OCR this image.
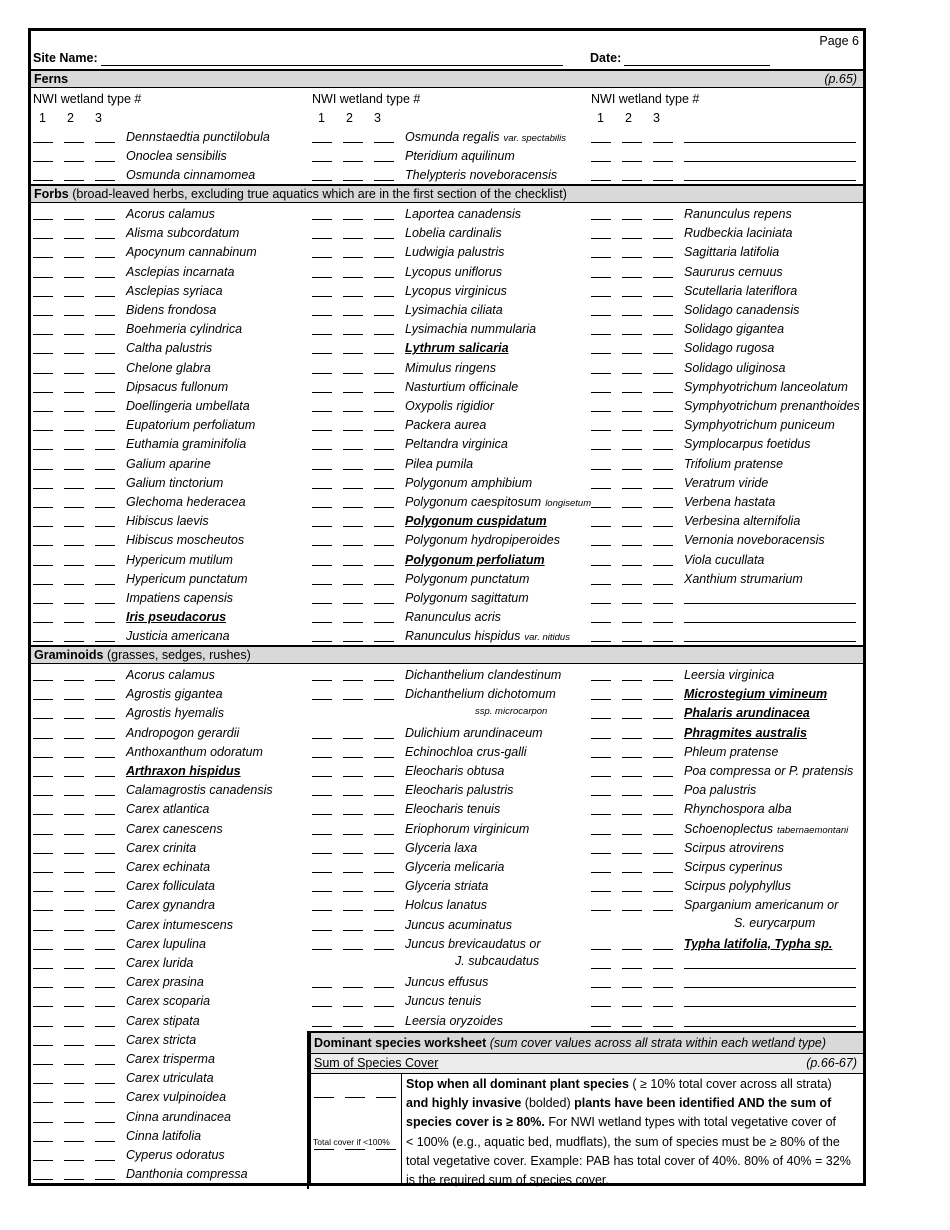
Page 6
Site Name:	Date:
Ferns	(p.65)
NWI wetland type #
1 2 3
NWI wetland type #
1 2 3
NWI wetland type #
1 2 3
Dennstaedtia punctilobula
Onoclea sensibilis
Osmunda cinnamomea
Osmunda regalis var. spectabilis
Pteridium aquilinum
Thelypteris noveboracensis
Acorus calamus
Alisma subcordatum
Apocynum cannabinum
Asclepias incarnata
Asclepias syriaca
Bidens frondosa
Boehmeria cylindrica
Caltha palustris
Chelone glabra
Dipsacus fullonum
Doellingeria umbellata
Eupatorium perfoliatum
Euthamia graminifolia
Galium aparine
Galium tinctorium
Glechoma hederacea
Hibiscus laevis
Hibiscus moscheutos
Hypericum mutilum
Hypericum punctatum
Impatiens capensis
Iris pseudacorus
Justicia americana
Laportea canadensis
Lobelia cardinalis
Ludwigia palustris
Lycopus uniflorus
Lycopus virginicus
Lysimachia ciliata
Lysimachia nummularia
Lythrum salicaria
Mimulus ringens
Nasturtium officinale
Oxypolis rigidior
Packera aurea
Peltandra virginica
Pilea pumila
Polygonum amphibium
Polygonum caespitosum longisetum
Polygonum cuspidatum
Polygonum hydropiperoides
Polygonum perfoliatum
Polygonum punctatum
Polygonum sagittatum
Ranunculus acris
Ranunculus hispidus var. nitidus
Ranunculus repens
Rudbeckia laciniata
Sagittaria latifolia
Saururus cernuus
Scutellaria lateriflora
Solidago canadensis
Solidago gigantea
Solidago rugosa
Solidago uliginosa
Symphyotrichum lanceolatum
Symphyotrichum prenanthoides
Symphyotrichum puniceum
Symplocarpus foetidus
Trifolium pratense
Veratrum viride
Verbena hastata
Verbesina alternifolia
Vernonia noveboracensis
Viola cucullata
Xanthium strumarium
Acorus calamus
Agrostis gigantea
Agrostis hyemalis
Andropogon gerardii
Anthoxanthum odoratum
Arthraxon hispidus
Calamagrostis canadensis
Carex atlantica
Carex canescens
Carex crinita
Carex echinata
Carex folliculata
Carex gynandra
Carex intumescens
Carex lupulina
Carex lurida
Carex prasina
Carex scoparia
Carex stipata
Carex stricta
Carex trisperma
Carex utriculata
Carex vulpinoidea
Cinna arundinacea
Cinna latifolia
Cyperus odoratus
Danthonia compressa
Dichanthelium clandestinum
Dichanthelium dichotomum
ssp. microcarpon
Dulichium arundinaceum
Echinochloa crus-galli
Eleocharis obtusa
Eleocharis palustris
Eleocharis tenuis
Eriophorum virginicum
Glyceria laxa
Glyceria melicaria
Glyceria striata
Holcus lanatus
Juncus acuminatus
Juncus brevicaudatus or
J. subcaudatus
Juncus effusus
Juncus tenuis
Leersia oryzoides
Leersia virginica
Microstegium vimineum
Phalaris arundinacea
Phragmites australis
Phleum pratense
Poa compressa or P. pratensis
Poa palustris
Rhynchospora alba
Schoenoplectus tabernaemontani
Scirpus atrovirens
Scirpus cyperinus
Scirpus polyphyllus
Sparganium americanum or
S. eurycarpum
Typha latifolia, Typha sp.
Forbs (broad-leaved herbs, excluding true aquatics which are in the first section of the checklist)
Graminoids (grasses, sedges, rushes)
Dominant species worksheet (sum cover values across all strata within each wetland type)
Sum of Species Cover	(p.66-67)
Total cover if <100%
Stop when all dominant plant species ( ≥ 10% total cover across all strata)
and highly invasive (bolded) plants have been identified AND the sum of
species cover is ≥ 80%. For NWI wetland types with total vegetative cover of
< 100% (e.g., aquatic bed, mudflats), the sum of species must be ≥ 80% of the
total vegetative cover. Example: PAB has total cover of 40%. 80% of 40% = 32%
is the required sum of species cover.
